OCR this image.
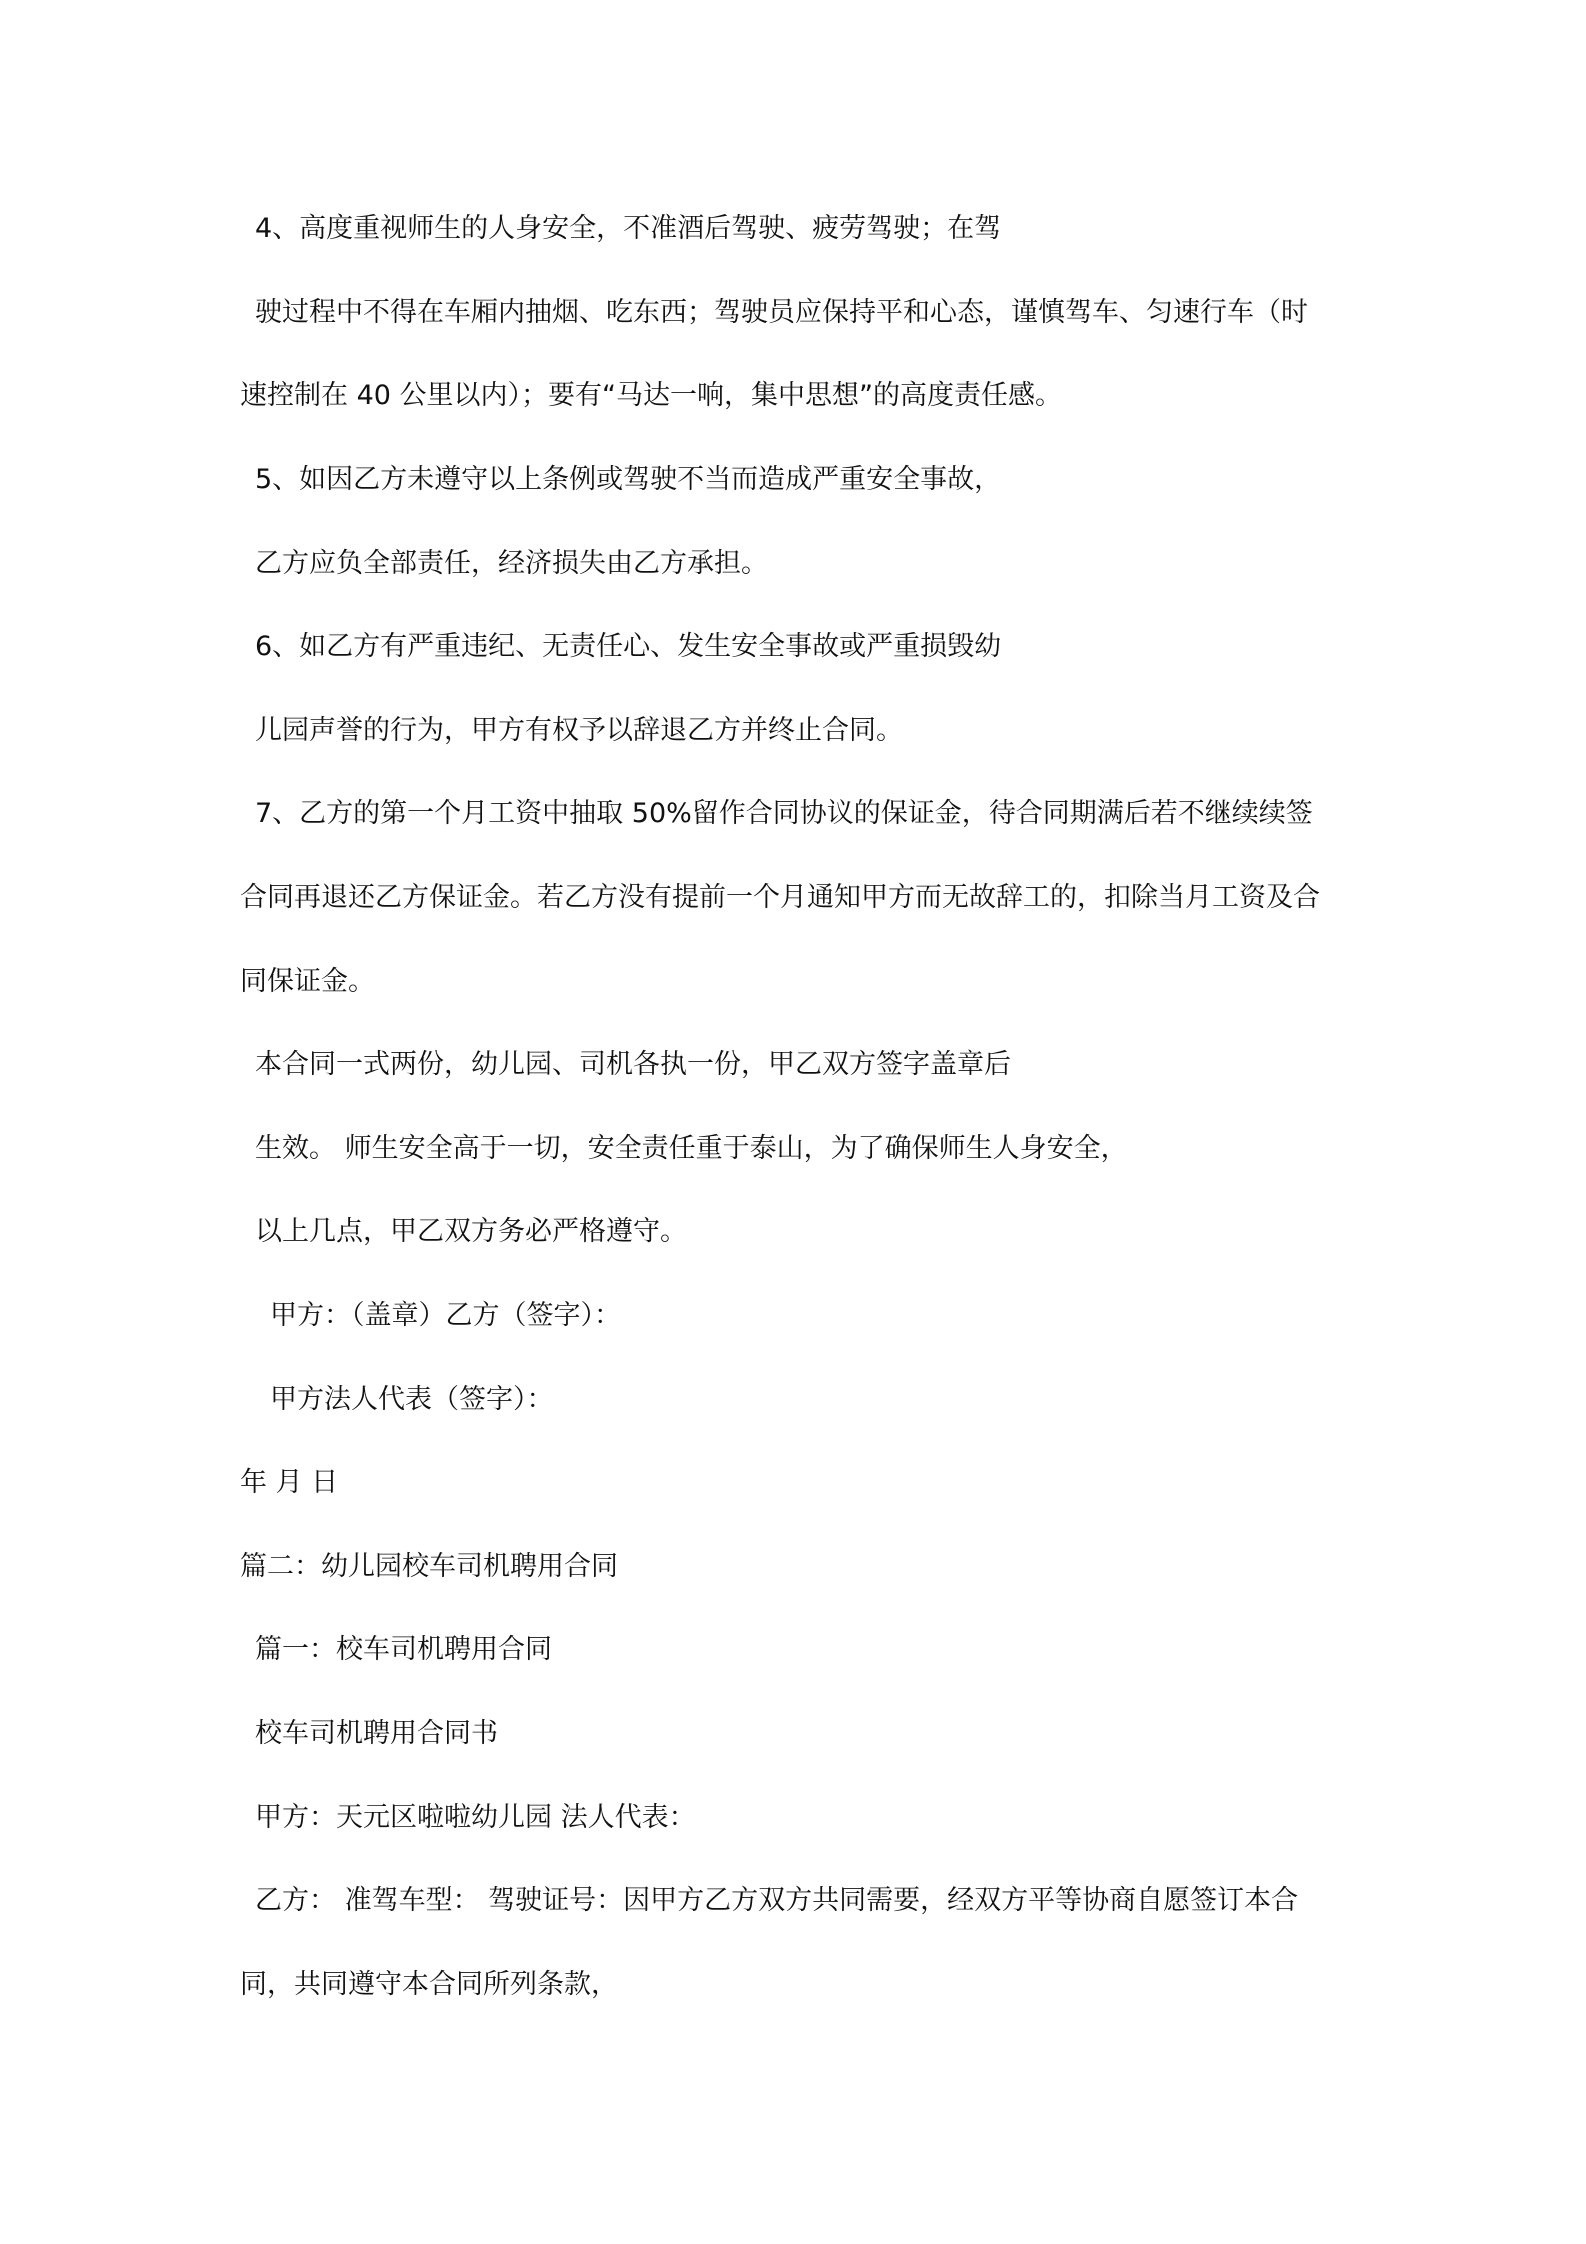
4、高度重视师生的人身安全，不准酒后驾驶、疲劳驾驶；在驾

驶过程中不得在车厢内抽烟、吃东西；驾驶员应保持平和心态，谨慎驾车、匀速行车（时

速控制在 40 公里以内）；要有“马达一响，集中思想”的高度责任感。

5、如因乙方未遵守以上条例或驾驶不当而造成严重安全事故，

乙方应负全部责任，经济损失由乙方承担。

6、如乙方有严重违纪、无责任心、发生安全事故或严重损毁幼

儿园声誉的行为，甲方有权予以辞退乙方并终止合同。

7、乙方的第一个月工资中抽取 50%留作合同协议的保证金，待合同期满后若不继续续签

合同再退还乙方保证金。若乙方没有提前一个月通知甲方而无故辞工的，扣除当月工资及合

同保证金。

本合同一式两份，幼儿园、司机各执一份，甲乙双方签字盖章后

生效。 师生安全高于一切，安全责任重于泰山，为了确保师生人身安全，

以上几点，甲乙双方务必严格遵守。

甲方：（盖章）乙方（签字）：

甲方法人代表（签字）：

年 月 日

篇二：幼儿园校车司机聘用合同

篇一：校车司机聘用合同

校车司机聘用合同书

甲方：天元区啦啦幼儿园 法人代表：

乙方： 准驾车型： 驾驶证号：因甲方乙方双方共同需要，经双方平等协商自愿签订本合

同，共同遵守本合同所列条款，
